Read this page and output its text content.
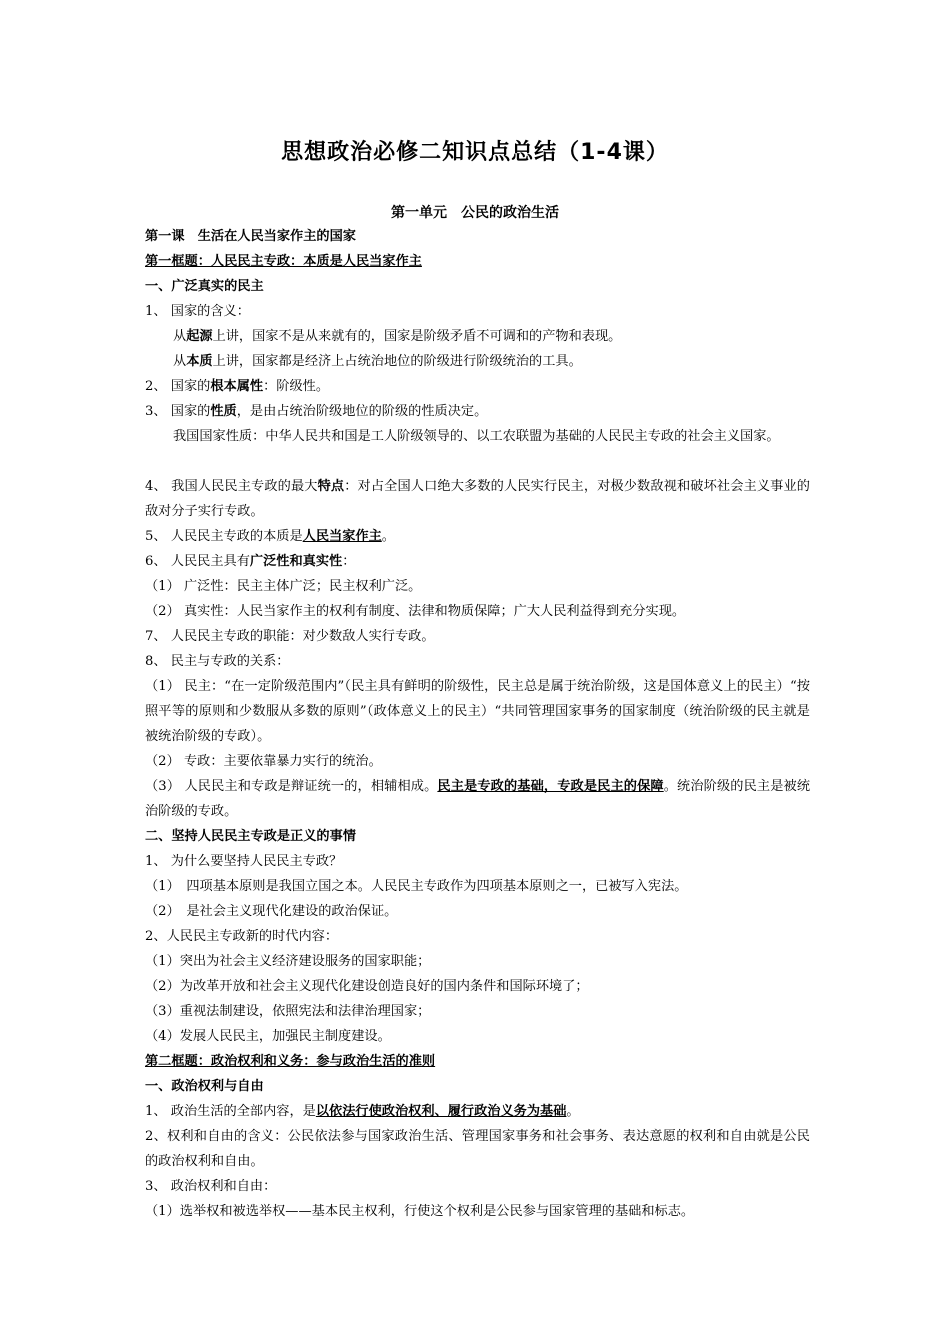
思想政治必修二知识点总结（1-4课）
第一单元　公民的政治生活
第一课　生活在人民当家作主的国家
第一框题：人民民主专政：本质是人民当家作主
一、广泛真实的民主
1、 国家的含义：
从起源上讲，国家不是从来就有的，国家是阶级矛盾不可调和的产物和表现。
从本质上讲，国家都是经济上占统治地位的阶级进行阶级统治的工具。
2、 国家的根本属性：阶级性。
3、 国家的性质，是由占统治阶级地位的阶级的性质决定。
我国国家性质：中华人民共和国是工人阶级领导的、以工农联盟为基础的人民民主专政的社会主义国家。
4、 我国人民民主专政的最大特点：对占全国人口绝大多数的人民实行民主，对极少数敌视和破坏社会主义事业的敌对分子实行专政。
5、 人民民主专政的本质是人民当家作主。
6、 人民民主具有广泛性和真实性：
（1） 广泛性：民主主体广泛；民主权利广泛。
（2） 真实性：人民当家作主的权利有制度、法律和物质保障；广大人民利益得到充分实现。
7、 人民民主专政的职能：对少数敌人实行专政。
8、 民主与专政的关系：
（1） 民主：“在一定阶级范围内”（民主具有鲜明的阶级性，民主总是属于统治阶级，这是国体意义上的民主）“按照平等的原则和少数服从多数的原则”（政体意义上的民主）“共同管理国家事务的国家制度（统治阶级的民主就是被统治阶级的专政）。
（2） 专政：主要依靠暴力实行的统治。
（3） 人民民主和专政是辩证统一的，相辅相成。民主是专政的基础，专政是民主的保障。统治阶级的民主是被统治阶级的专政。
二、坚持人民民主专政是正义的事情
1、 为什么要坚持人民民主专政？
（1）　四项基本原则是我国立国之本。人民民主专政作为四项基本原则之一，已被写入宪法。
（2）　是社会主义现代化建设的政治保证。
2、人民民主专政新的时代内容：
（1）突出为社会主义经济建设服务的国家职能；
（2）为改革开放和社会主义现代化建设创造良好的国内条件和国际环境了；
（3）重视法制建设，依照宪法和法律治理国家；
（4）发展人民民主，加强民主制度建设。
第二框题：政治权利和义务：参与政治生活的准则
一、政治权利与自由
1、 政治生活的全部内容，是以依法行使政治权利、履行政治义务为基础。
2、权利和自由的含义：公民依法参与国家政治生活、管理国家事务和社会事务、表达意愿的权利和自由就是公民的政治权利和自由。
3、 政治权利和自由：
（1）选举权和被选举权——基本民主权利，行使这个权利是公民参与国家管理的基础和标志。
